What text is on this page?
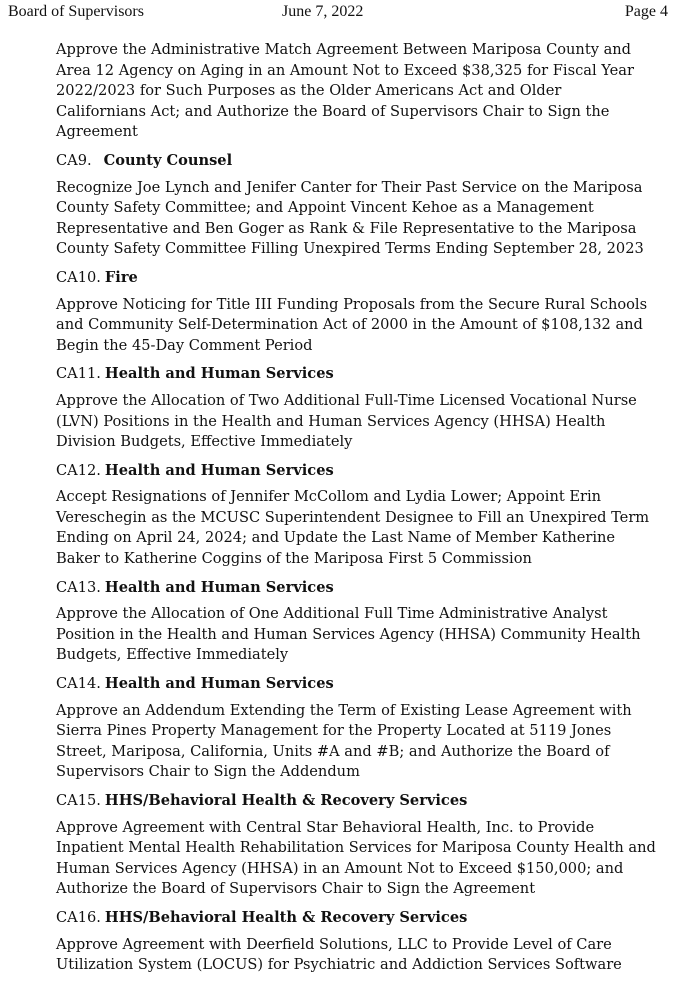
Board of Supervisors	June 7, 2022	Page 4

Approve the Administrative Match Agreement Between Mariposa County and Area 12 Agency on Aging in an Amount Not to Exceed $38,325 for Fiscal Year 2022/2023 for Such Purposes as the Older Americans Act and Older Californians Act; and Authorize the Board of Supervisors Chair to Sign the Agreement

CA9. County Counsel

Recognize Joe Lynch and Jenifer Canter for Their Past Service on the Mariposa County Safety Committee; and Appoint Vincent Kehoe as a Management Representative and Ben Goger as Rank & File Representative to the Mariposa County Safety Committee Filling Unexpired Terms Ending September 28, 2023

CA10. Fire

Approve Noticing for Title III Funding Proposals from the Secure Rural Schools and Community Self-Determination Act of 2000 in the Amount of $108,132 and Begin the 45-Day Comment Period

CA11. Health and Human Services

Approve the Allocation of Two Additional Full-Time Licensed Vocational Nurse (LVN) Positions in the Health and Human Services Agency (HHSA) Health Division Budgets, Effective Immediately

CA12. Health and Human Services

Accept Resignations of Jennifer McCollom and Lydia Lower; Appoint Erin Vereschegin as the MCUSC Superintendent Designee to Fill an Unexpired Term Ending on April 24, 2024; and Update the Last Name of Member Katherine Baker to Katherine Coggins of the Mariposa First 5 Commission

CA13. Health and Human Services

Approve the Allocation of One Additional Full Time Administrative Analyst Position in the Health and Human Services Agency (HHSA) Community Health Budgets, Effective Immediately

CA14. Health and Human Services

Approve an Addendum Extending the Term of Existing Lease Agreement with Sierra Pines Property Management for the Property Located at 5119 Jones Street, Mariposa, California, Units #A and #B; and Authorize the Board of Supervisors Chair to Sign the Addendum

CA15. HHS/Behavioral Health & Recovery Services

Approve Agreement with Central Star Behavioral Health, Inc. to Provide Inpatient Mental Health Rehabilitation Services for Mariposa County Health and Human Services Agency (HHSA) in an Amount Not to Exceed $150,000; and Authorize the Board of Supervisors Chair to Sign the Agreement

CA16. HHS/Behavioral Health & Recovery Services

Approve Agreement with Deerfield Solutions, LLC to Provide Level of Care Utilization System (LOCUS) for Psychiatric and Addiction Services Software
